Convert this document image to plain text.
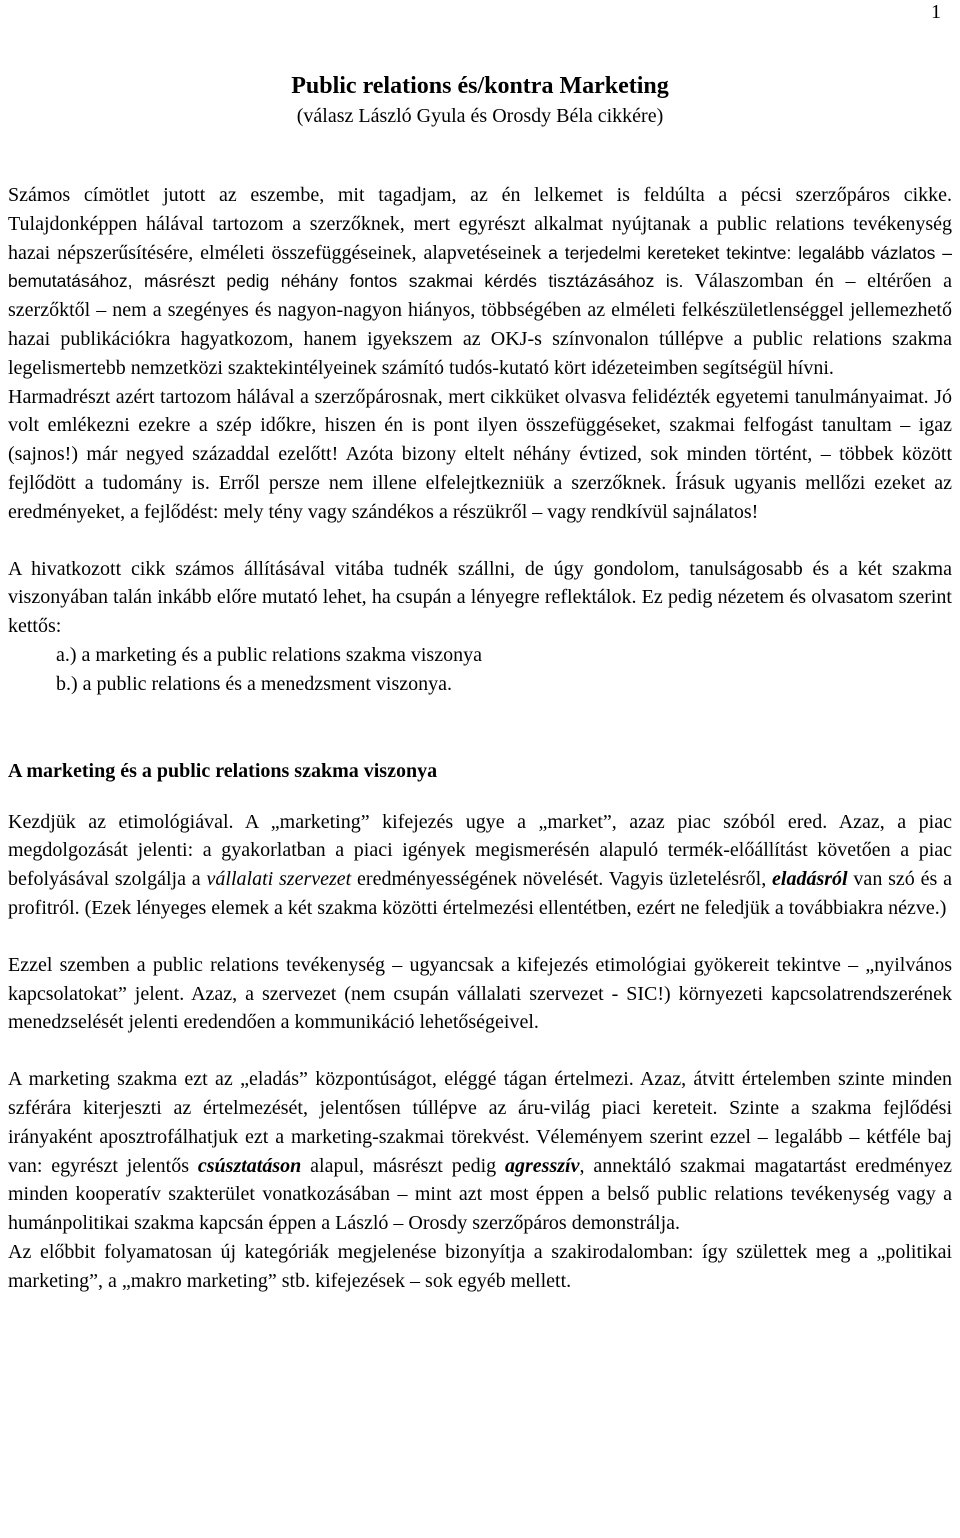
1
Public relations és/kontra Marketing
(válasz László Gyula és Orosdy Béla cikkére)

Számos címötlet jutott az eszembe, mit tagadjam, az én lelkemet is feldúlta a pécsi szerzőpáros cikke. Tulajdonképpen hálával tartozom a szerzőknek, mert egyrészt alkalmat nyújtanak a public relations tevékenység hazai népszerűsítésére, elméleti összefüggéseinek, alapvetéseinek a terjedelmi kereteket tekintve: legalább vázlatos – bemutatásához, másrészt pedig néhány fontos szakmai kérdés tisztázásához is. Válaszomban én – eltérően a szerzőktől – nem a szegényes és nagyon-nagyon hiányos, többségében az elméleti felkészületlenséggel jellemezhető hazai publikációkra hagyatkozom, hanem igyekszem az OKJ-s színvonalon túllépve a public relations szakma legelismertebb nemzetközi szaktekintélyeinek számító tudós-kutató kört idézeteimben segítségül hívni.

Harmadrészt azért tartozom hálával a szerzőpárosnak, mert cikküket olvasva felidézték egyetemi tanulmányaimat. Jó volt emlékezni ezekre a szép időkre, hiszen én is pont ilyen összefüggéseket, szakmai felfogást tanultam – igaz (sajnos!) már negyed századdal ezelőtt! Azóta bizony eltelt néhány évtized, sok minden történt, – többek között fejlődött a tudomány is. Erről persze nem illene elfelejtkezniük a szerzőknek. Írásuk ugyanis mellőzi ezeket az eredményeket, a fejlődést: mely tény vagy szándékos a részükről – vagy rendkívül sajnálatos!

A hivatkozott cikk számos állításával vitába tudnék szállni, de úgy gondolom, tanulságosabb és a két szakma viszonyában talán inkább előre mutató lehet, ha csupán a lényegre reflektálok. Ez pedig nézetem és olvasatom szerint kettős:

a.) a marketing és a public relations szakma viszonya
b.) a public relations és a menedzsment viszonya.
A marketing és a public relations szakma viszonya

Kezdjük az etimológiával. A „marketing” kifejezés ugye a „market”, azaz piac szóból ered. Azaz, a piac megdolgozását jelenti: a gyakorlatban a piaci igények megismerésén alapuló termék-előállítást követően a piac befolyásával szolgálja a vállalati szervezet eredményességének növelését. Vagyis üzletelésről, eladásról van szó és a profitról. (Ezek lényeges elemek a két szakma közötti értelmezési ellentétben, ezért ne feledjük a továbbiakra nézve.)

Ezzel szemben a public relations tevékenység – ugyancsak a kifejezés etimológiai gyökereit tekintve – „nyilvános kapcsolatokat” jelent. Azaz, a szervezet (nem csupán vállalati szervezet - SIC!) környezeti kapcsolatrendszerének menedzselését jelenti eredendően a kommunikáció lehetőségeivel.

A marketing szakma ezt az „eladás” központúságot, eléggé tágan értelmezi. Azaz, átvitt értelemben szinte minden szférára kiterjeszti az értelmezését, jelentősen túllépve az áru-világ piaci kereteit. Szinte a szakma fejlődési irányaként aposztrofálhatjuk ezt a marketing-szakmai törekvést. Véleményem szerint ezzel – legalább – kétféle baj van: egyrészt jelentős csúsztatáson alapul, másrészt pedig agresszív, annektáló szakmai magatartást eredményez minden kooperatív szakterület vonatkozásában – mint azt most éppen a belső public relations tevékenység vagy a humánpolitikai szakma kapcsán éppen a László – Orosdy szerzőpáros demonstrálja.

Az előbbit folyamatosan új kategóriák megjelenése bizonyítja a szakirodalomban: így születtek meg a „politikai marketing”, a „makro marketing” stb. kifejezések – sok egyéb mellett.
